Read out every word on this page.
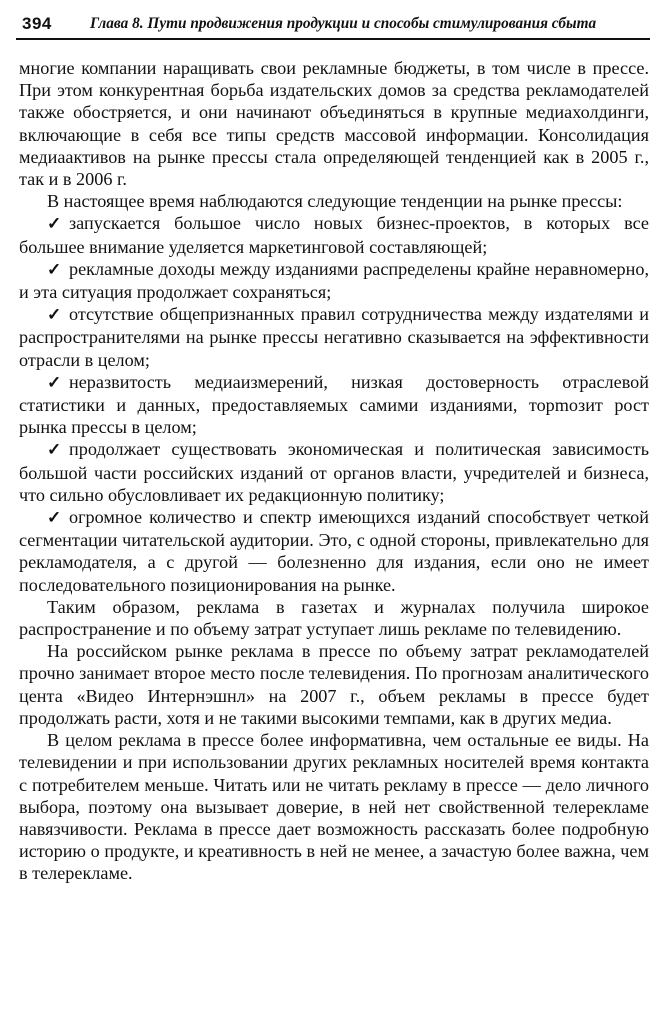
394 Глава 8. Пути продвижения продукции и способы стимулирования сбыта

многие компании наращивать свои рекламные бюджеты, в том числе в прессе. При этом конкурентная борьба издательских домов за средства рекламодателей также обостряется, и они начинают объединяться в крупные медиахолдинги, включающие в себя все типы средств массовой информации. Консолидация медиаактивов на рынке прессы стала определяющей тенденцией как в 2005 г., так и в 2006 г.

В настоящее время наблюдаются следующие тенденции на рынке прессы:

✓ запускается большое число новых бизнес-проектов, в которых все большее внимание уделяется маркетинговой составляющей;

✓ рекламные доходы между изданиями распределены крайне неравномерно, и эта ситуация продолжает сохраняться;

✓ отсутствие общепризнанных правил сотрудничества между издателями и распространителями на рынке прессы негативно сказывается на эффективности отрасли в целом;

✓ неразвитость медиаизмерений, низкая достоверность отраслевой статистики и данных, предоставляемых самими изданиями, торmозит рост рынка прессы в целом;

✓ продолжает существовать экономическая и политическая зависимость большой части российских изданий от органов власти, учредителей и бизнеса, что сильно обусловливает их редакционную политику;

✓ огромное количество и спектр имеющихся изданий способствует четкой сегментации читательской аудитории. Это, с одной стороны, привлекательно для рекламодателя, а с другой — болезненно для издания, если оно не имеет последовательного позиционирования на рынке.

Таким образом, реклама в газетах и журналах получила широкое распространение и по объему затрат уступает лишь рекламе по телевидению.

На российском рынке реклама в прессе по объему затрат рекламодателей прочно занимает второе место после телевидения. По прогнозам аналитического цента «Видео Интернэшнл» на 2007 г., объем рекламы в прессе будет продолжать расти, хотя и не такими высокими темпами, как в других медиа.

В целом реклама в прессе более информативна, чем остальные ее виды. На телевидении и при использовании других рекламных носителей время контакта с потребителем меньше. Читать или не читать рекламу в прессе — дело личного выбора, поэтому она вызывает доверие, в ней нет свойственной телерекламе навязчивости. Реклама в прессе дает возможность рассказать более подробную историю о продукте, и креативность в ней не менее, а зачастую более важна, чем в телерекламе.
